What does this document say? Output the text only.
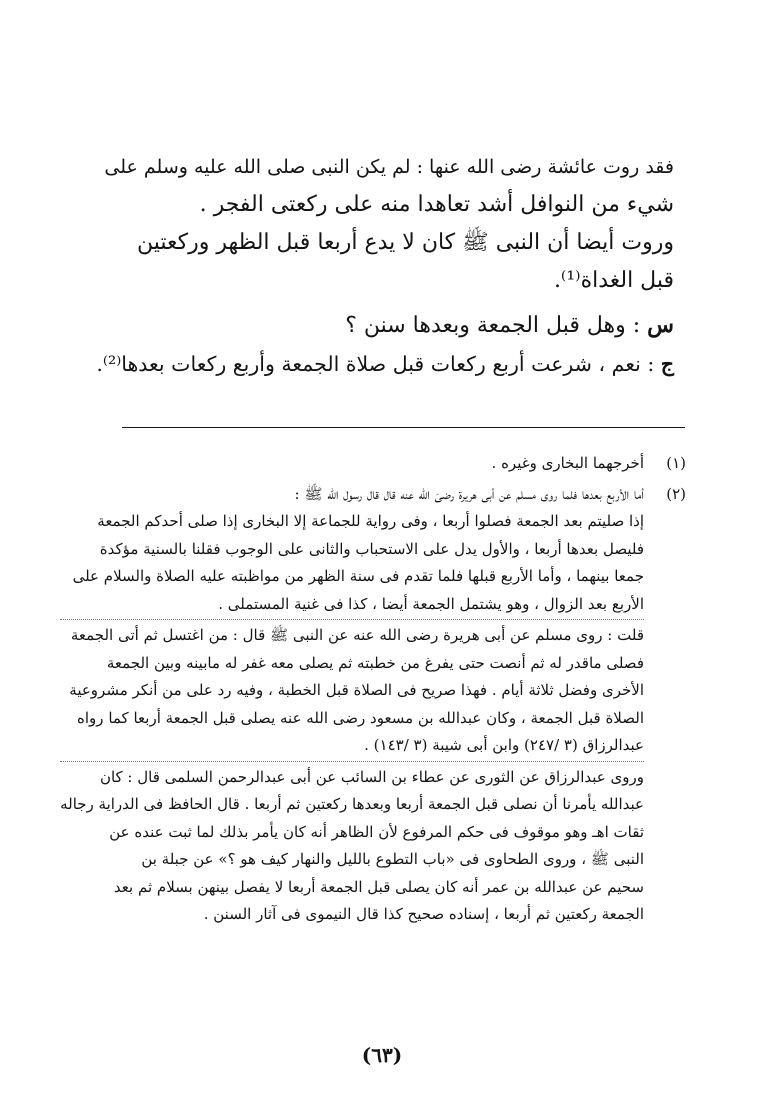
فقد روت عائشة رضى الله عنها : لم يكن النبى صلى الله عليه وسلم على

شيء من النوافل أشد تعاهدا منه على ركعتى الفجر .

وروت أيضا أن النبى ﷺ كان لا يدع أربعا قبل الظهر وركعتين

قبل الغداة⁽¹⁾.

س : وهل قبل الجمعة وبعدها سنن ؟

ج : نعم ، شرعت أربع ركعات قبل صلاة الجمعة وأربع ركعات بعدها⁽²⁾.

(١)

أخرجهما البخارى وغيره .

(٢)

أما الأربع بعدها فلما روى مسلم عن أبى هريرة رضىَ الله عنه قال قال رسول الله ﷺ :

إذا صليتم بعد الجمعة فصلوا أربعا ، وفى رواية للجماعة إلا البخارى إذا صلى أحدكم الجمعة

فليصل بعدها أربعا ، والأول يدل على الاستحباب والثانى على الوجوب فقلنا بالسنية مؤكدة

جمعا بينهما ، وأما الأربع قبلها فلما تقدم فى سنة الظهر من مواظبته عليه الصلاة والسلام على

الأربع بعد الزوال ، وهو يشتمل الجمعة أيضا ، كذا فى غنية المستملى .

قلت : روى مسلم عن أبى هريرة رضى الله عنه عن النبى ﷺ قال : من اغتسل ثم أتى الجمعة

فصلى ماقدر له ثم أنصت حتى يفرغ من خطبته ثم يصلى معه غفر له مابينه وبين الجمعة

الأخرى وفضل ثلاثة أيام . فهذا صريح فى الصلاة قبل الخطبة ، وفيه رد على من أنكر مشروعية

الصلاة قبل الجمعة ، وكان عبدالله بن مسعود رضى الله عنه يصلى قبل الجمعة أربعا كما رواه

عبدالرزاق (٣ /٢٤٧) وابن أبى شيبة (٣ /١٤٣) .

وروى عبدالرزاق عن الثورى عن عطاء بن السائب عن أبى عبدالرحمن السلمى قال : كان

عبدالله يأمرنا أن نصلى قبل الجمعة أربعا وبعدها ركعتين ثم أربعا . قال الحافظ فى الدراية رجاله

ثقات اهـ وهو موقوف فى حكم المرفوع لأن الظاهر أنه كان يأمر بذلك لما ثبت عنده عن

النبى ﷺ ، وروى الطحاوى فى «باب التطوع بالليل والنهار كيف هو ؟» عن جبلة بن

سحيم عن عبدالله بن عمر أنه كان يصلى قبل الجمعة أربعا لا يفصل بينهن بسلام ثم بعد

الجمعة ركعتين ثم أربعا ، إسناده صحيح كذا قال النيموى فى آثار السنن .

(٦٣)
